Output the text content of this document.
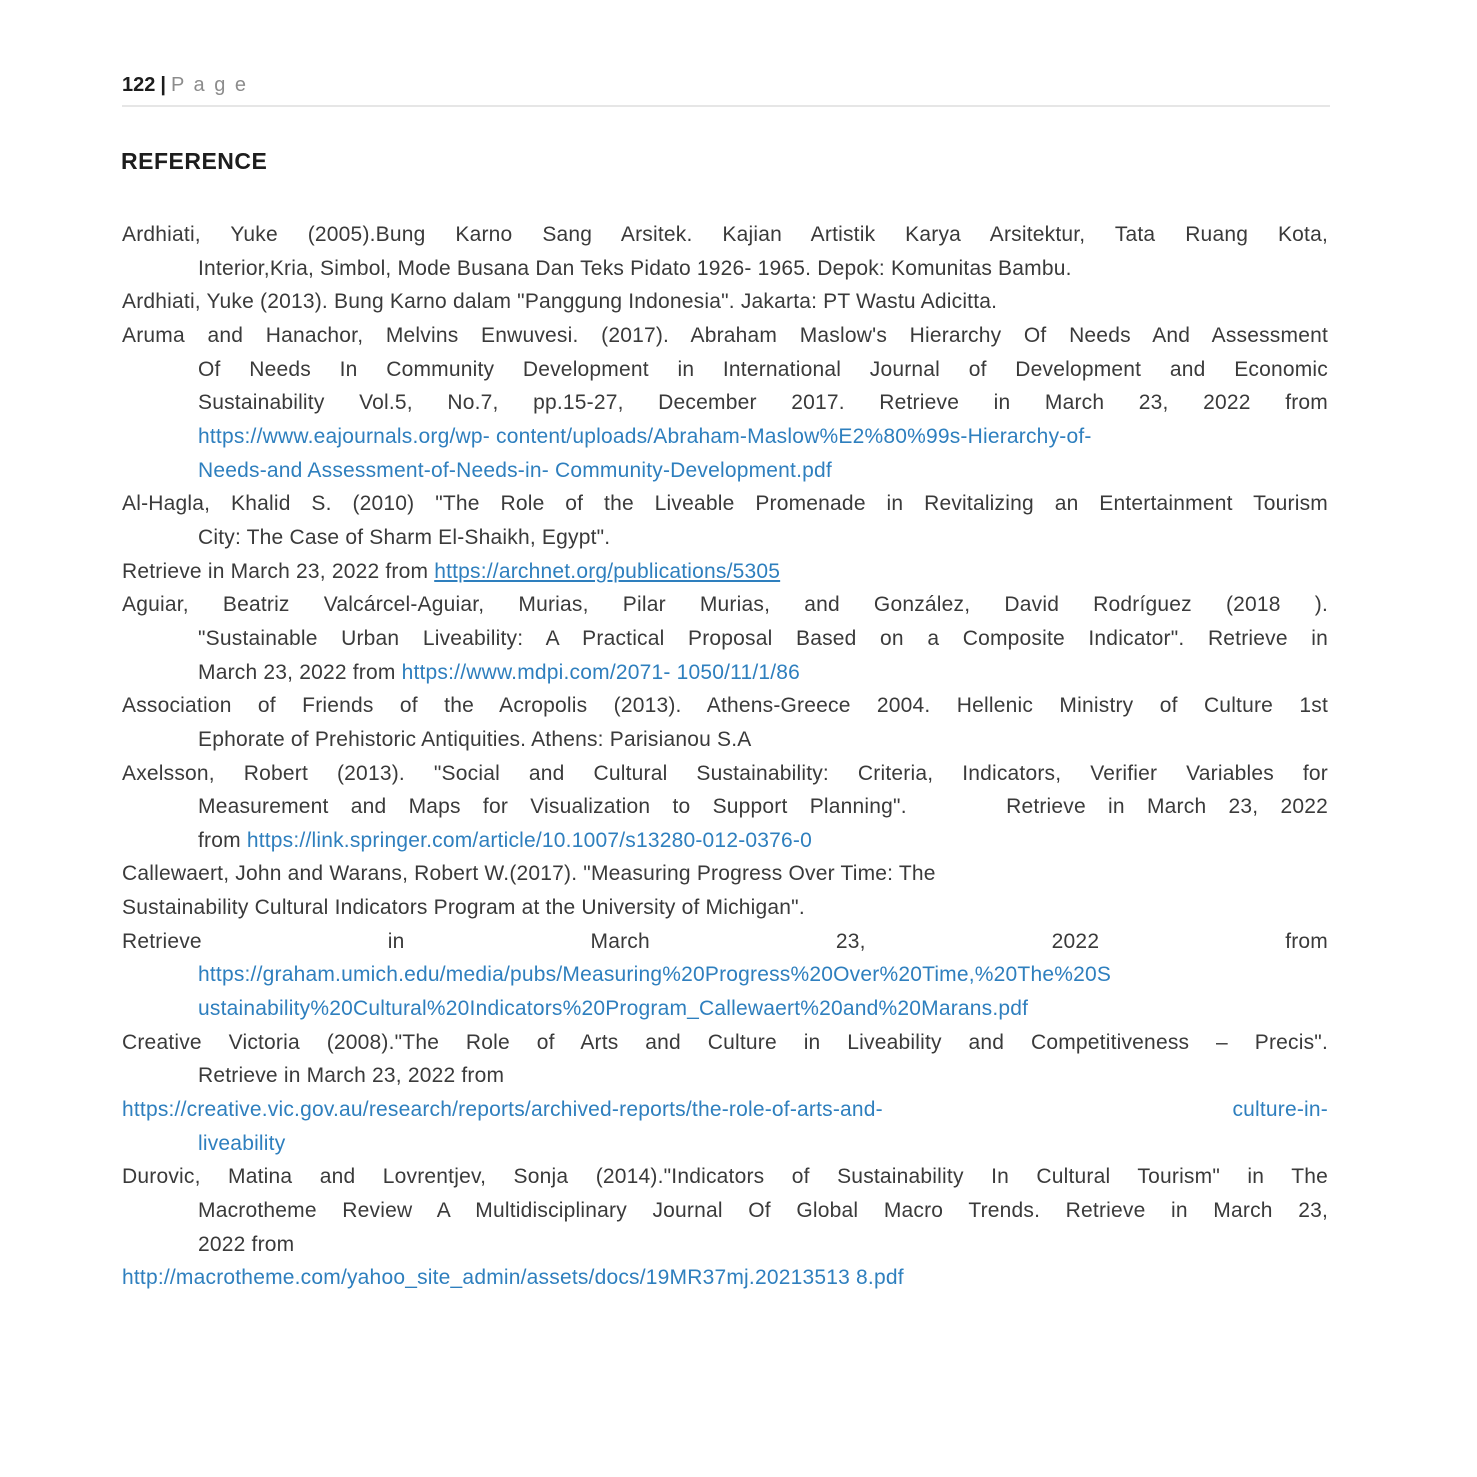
122 | P a g e
REFERENCE
Ardhiati, Yuke (2005).Bung Karno Sang Arsitek. Kajian Artistik Karya Arsitektur, Tata Ruang Kota,
Interior,Kria, Simbol, Mode Busana Dan Teks Pidato 1926- 1965. Depok: Komunitas Bambu.
Ardhiati, Yuke (2013). Bung Karno dalam "Panggung Indonesia". Jakarta: PT Wastu Adicitta.
Aruma and Hanachor, Melvins Enwuvesi. (2017). Abraham Maslow's Hierarchy Of Needs And Assessment
Of Needs In Community Development in International Journal of Development and Economic
Sustainability Vol.5, No.7, pp.15-27, December 2017. Retrieve in March 23, 2022 from
https://www.eajournals.org/wp- content/uploads/Abraham-Maslow%E2%80%99s-Hierarchy-of-
Needs-and Assessment-of-Needs-in- Community-Development.pdf
Al-Hagla, Khalid S. (2010) "The Role of the Liveable Promenade in Revitalizing an Entertainment Tourism
City: The Case of Sharm El-Shaikh, Egypt".
Retrieve in March 23, 2022 from https://archnet.org/publications/5305
Aguiar, Beatriz Valcárcel-Aguiar, Murias, Pilar Murias, and González, David Rodríguez (2018 ).
"Sustainable Urban Liveability: A Practical Proposal Based on a Composite Indicator". Retrieve in
March 23, 2022 from https://www.mdpi.com/2071- 1050/11/1/86
Association of Friends of the Acropolis (2013). Athens-Greece 2004. Hellenic Ministry of Culture 1st
Ephorate of Prehistoric Antiquities. Athens: Parisianou S.A
Axelsson, Robert (2013). "Social and Cultural Sustainability: Criteria, Indicators, Verifier Variables for
Measurement and Maps for Visualization to Support Planning".	Retrieve in March 23, 2022
from https://link.springer.com/article/10.1007/s13280-012-0376-0
Callewaert, John and Warans, Robert W.(2017). "Measuring Progress Over Time: The
Sustainability Cultural Indicators Program at the University of Michigan".
Retrieve in March 23, 2022 from
https://graham.umich.edu/media/pubs/Measuring%20Progress%20Over%20Time,%20The%20S
ustainability%20Cultural%20Indicators%20Program_Callewaert%20and%20Marans.pdf
Creative Victoria (2008)."The Role of Arts and Culture in Liveability and Competitiveness – Precis".
Retrieve in March 23, 2022 from
https://creative.vic.gov.au/research/reports/archived-reports/the-role-of-arts-and-	culture-in-
liveability
Durovic, Matina and Lovrentjev, Sonja (2014)."Indicators of Sustainability In Cultural Tourism" in The
Macrotheme Review A Multidisciplinary Journal Of Global Macro Trends. Retrieve in March 23,
2022 from
http://macrotheme.com/yahoo_site_admin/assets/docs/19MR37mj.20213513 8.pdf
